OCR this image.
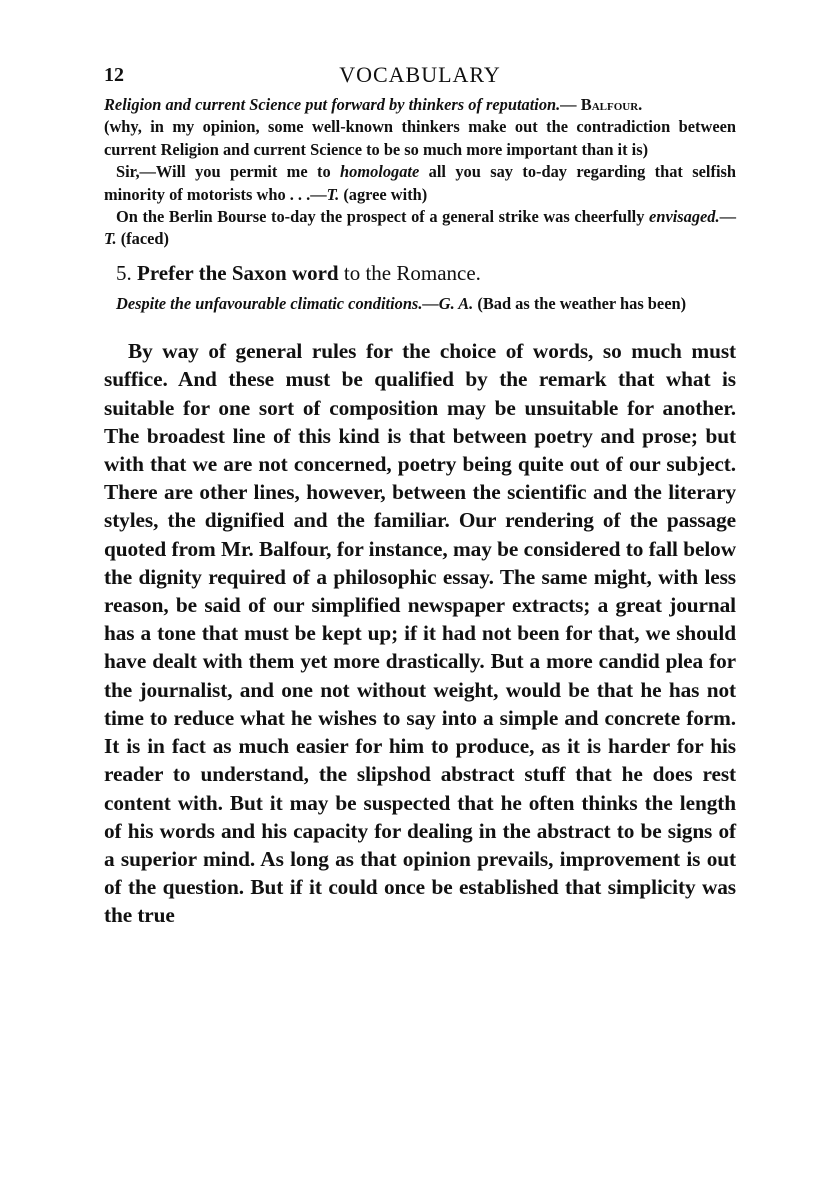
12	VOCABULARY

Religion and current Science put forward by thinkers of reputation.— Balfour.

(why, in my opinion, some well-known thinkers make out the contradiction between current Religion and current Science to be so much more important than it is)

Sir,—Will you permit me to homologate all you say to-day regarding that selfish minority of motorists who . . .—T. (agree with)

On the Berlin Bourse to-day the prospect of a general strike was cheerfully envisaged.—T. (faced)

5. Prefer the Saxon word to the Romance.

Despite the unfavourable climatic conditions.—G. A. (Bad as the weather has been)

By way of general rules for the choice of words, so much must suffice. And these must be qualified by the remark that what is suitable for one sort of composition may be unsuitable for another. The broadest line of this kind is that between poetry and prose; but with that we are not concerned, poetry being quite out of our subject. There are other lines, however, between the scientific and the literary styles, the dignified and the familiar. Our rendering of the passage quoted from Mr. Balfour, for instance, may be considered to fall below the dignity required of a philosophic essay. The same might, with less reason, be said of our simplified newspaper extracts; a great journal has a tone that must be kept up; if it had not been for that, we should have dealt with them yet more drastically. But a more candid plea for the journalist, and one not without weight, would be that he has not time to reduce what he wishes to say into a simple and concrete form. It is in fact as much easier for him to produce, as it is harder for his reader to understand, the slipshod abstract stuff that he does rest content with. But it may be suspected that he often thinks the length of his words and his capacity for dealing in the abstract to be signs of a superior mind. As long as that opinion prevails, improvement is out of the question. But if it could once be established that simplicity was the true
